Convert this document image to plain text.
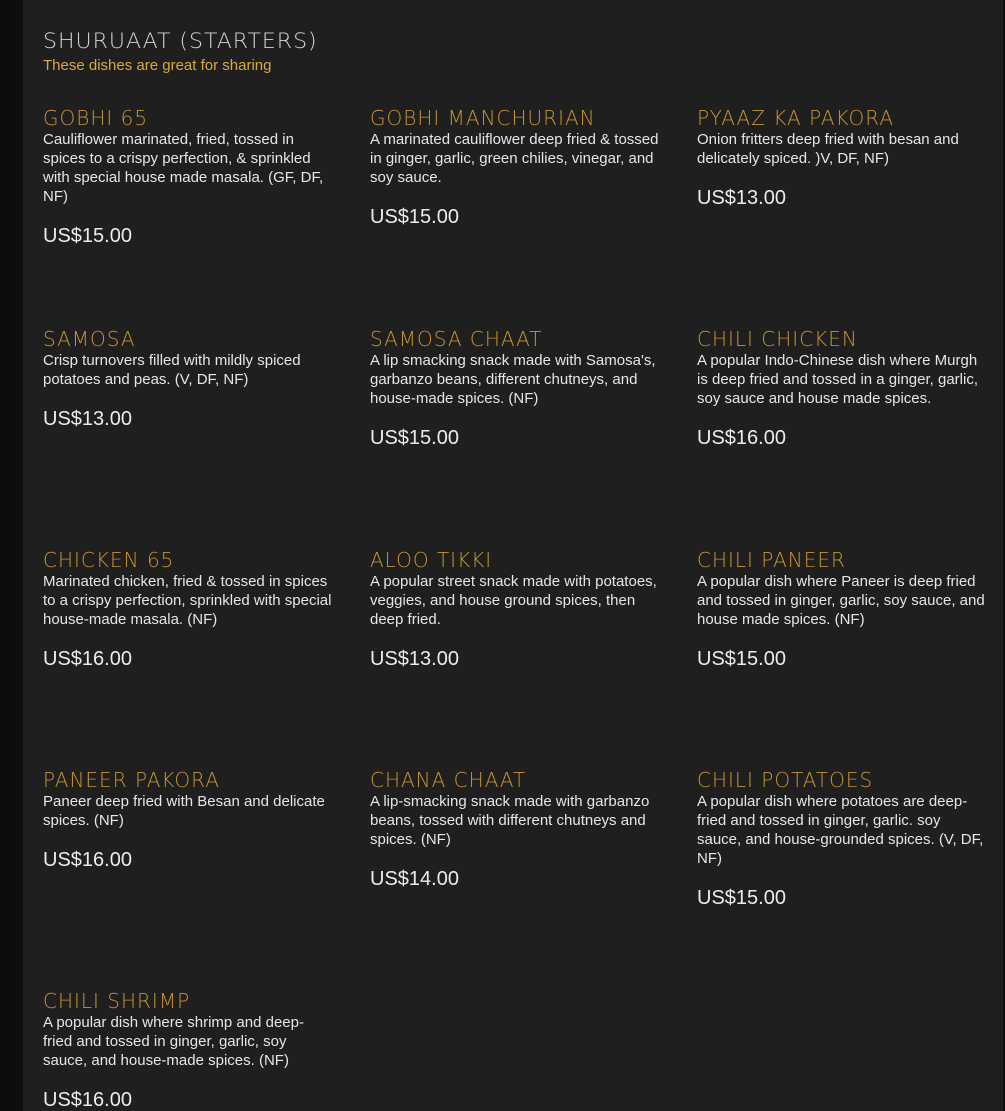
SHURUAAT (STARTERS)
These dishes are great for sharing
GOBHI 65
Cauliflower marinated, fried, tossed in spices to a crispy perfection, & sprinkled with special house made masala. (GF, DF, NF)
US$15.00
GOBHI MANCHURIAN
A marinated cauliflower deep fried & tossed in ginger, garlic, green chilies, vinegar, and soy sauce.
US$15.00
PYAAZ KA PAKORA
Onion fritters deep fried with besan and delicately spiced. )V, DF, NF)
US$13.00
SAMOSA
Crisp turnovers filled with mildly spiced potatoes and peas. (V, DF, NF)
US$13.00
SAMOSA CHAAT
A lip smacking snack made with Samosa's, garbanzo beans, different chutneys, and house-made spices. (NF)
US$15.00
CHILI CHICKEN
A popular Indo-Chinese dish where Murgh is deep fried and tossed in a ginger, garlic, soy sauce and house made spices.
US$16.00
CHICKEN 65
Marinated chicken, fried & tossed in spices to a crispy perfection, sprinkled with special house-made masala. (NF)
US$16.00
ALOO TIKKI
A popular street snack made with potatoes, veggies, and house ground spices, then deep fried.
US$13.00
CHILI PANEER
A popular dish where Paneer is deep fried and tossed in ginger, garlic, soy sauce, and house made spices. (NF)
US$15.00
PANEER PAKORA
Paneer deep fried with Besan and delicate spices. (NF)
US$16.00
CHANA CHAAT
A lip-smacking snack made with garbanzo beans, tossed with different chutneys and spices. (NF)
US$14.00
CHILI POTATOES
A popular dish where potatoes are deep-fried and tossed in ginger, garlic. soy sauce, and house-grounded spices. (V, DF, NF)
US$15.00
CHILI SHRIMP
A popular dish where shrimp and deep-fried and tossed in ginger, garlic, soy sauce, and house-made spices. (NF)
US$16.00
